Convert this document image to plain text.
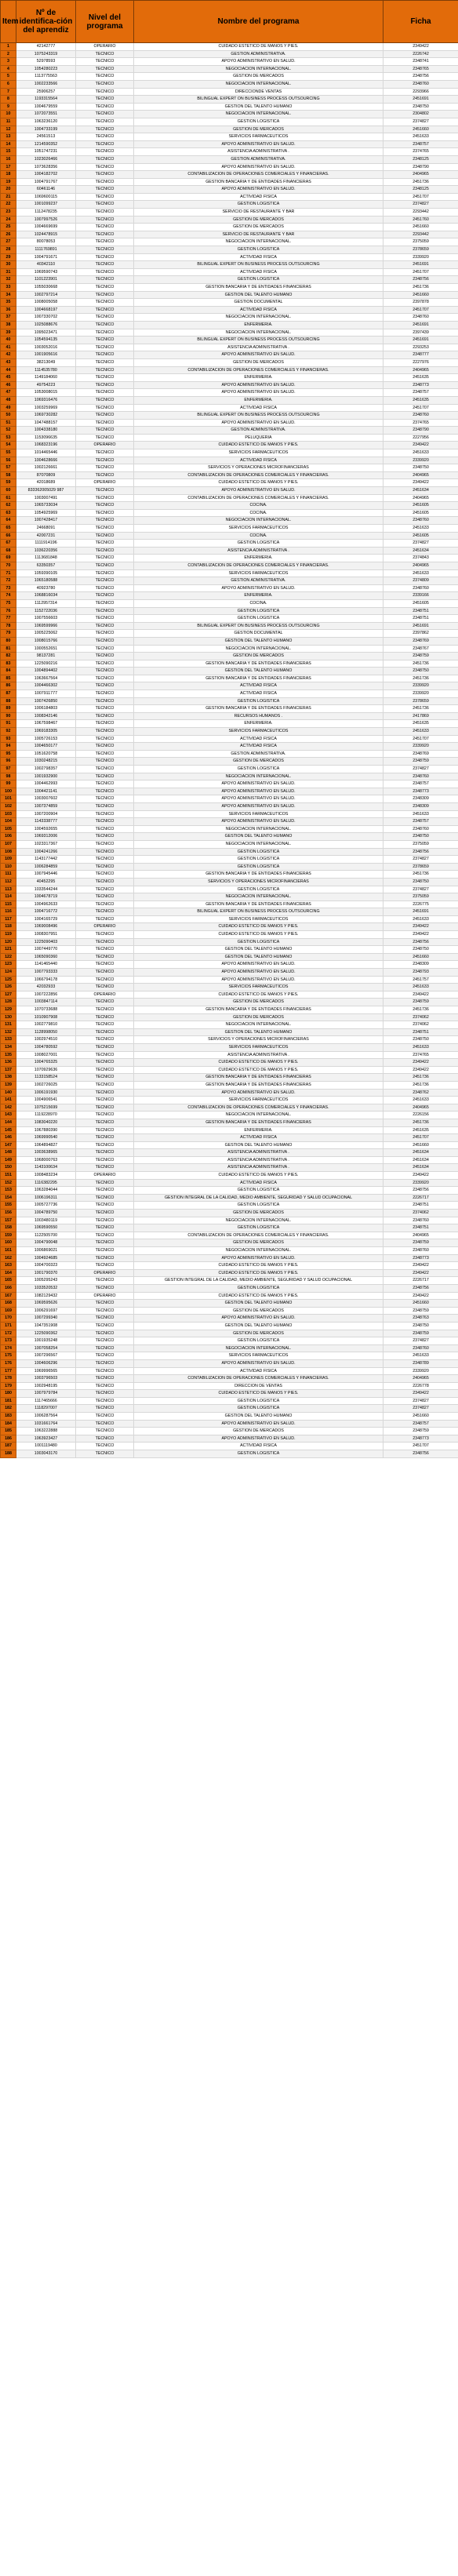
Item	Nº de identifica-ción del aprendiz	Nivel del programa	Nombre del programa	Ficha
1	42142777	OPERARIO	CUIDADO ESTETICO DE MANOS Y PIES.	2349422
2	1075243319	TECNICO	GESTION ADMINISTRATIVA.	2226742
3	52978593	TECNICO	APOYO ADMINISTRATIVO EN SALUD.	2348741
4	1054280223	TECNICO	NEGOCIACION INTERNACIONAL.	2348765
5	1113775563	TECNICO	GESTION DE MERCADOS	2348756
6	1002233566	TECNICO	NEGOCIACION INTERNACIONAL.	2348760
7	25906257	TECNICO	DIRECCIONDE VENTAS	2293966
8	1193315564	TECNICO	BILINGUAL EXPERT ON BUSINESS PROCESS OUTSOURCING	2451691
9	1004679559	TECNICO	GESTION DEL TALENTO HUMANO	2348750
10	1072073551	TECNICO	NEGOCIACION INTERNACIONAL.	2304802
11	1063236120	TECNICO	GESTION LOGISTICA	2374827
12	1004733199	TECNICO	GESTION DE MERCADOS	2451660
13	24561513	TECNICO	SERVICIOS FARMACEUTICOS	2451633
14	1214590352	TECNICO	APOYO ADMINISTRATIVO EN SALUD.	2348757
15	1051747231	TECNICO	ASISTENCIA ADMINISTRATIVA .	2374765
16	1023026466	TECNICO	GESTION ADMINISTRATIVA.	2348125
17	1073628356	TECNICO	APOYO ADMINISTRATIVO EN SALUD.	2348790
18	1004182702	TECNICO	CONTABILIZACION DE OPERACIONES COMERCIALES Y FINANCIERAS.	2404965
19	1004791767	TECNICO	GESTION BANCARIA Y DE ENTIDADES FINANCIERAS	2451736
20	60461146	TECNICO	APOYO ADMINISTRATIVO EN SALUD.	2348125
21	1069600115	TECNICO	ACTIVIDAD FISICA	2451707
22	1001099237	TECNICO	GESTION LOGISTICA	2374827
23	1112478235	TECNICO	SERVICIO DE RESTAURANTE Y BAR	2293442
24	1007997526	TECNICO	GESTION DE MERCADOS	2451760
25	1004669699	TECNICO	GESTION DE MERCADOS	2451660
26	1024478915	TECNICO	SERVICIO DE RESTAURANTE Y BAR	2293442
27	80078053	TECNICO	NEGOCIACION INTERNACIONAL.	2375059
28	1111769891	TECNICO	GESTION LOGISTICA	2378659
29	1004791671	TECNICO	ACTIVIDAD FISICA	2339920
30	40342110	TECNICO	BILINGUAL EXPERT ON BUSINESS PROCESS OUTSOURCING	2451691
31	1069590743	TECNICO	ACTIVIDAD FISICA	2451707
32	1101223901	TECNICO	GESTION LOGISTICA	2348756
33	1055030668	TECNICO	GESTION BANCARIA Y DE ENTIDADES FINANCIERAS	2451736
34	1002797214	TECNICO	GESTION DEL TALENTO HUMANO	2451660
35	1008005058	TECNICO	GESTION DOCUMENTAL	2397878
36	1004668197	TECNICO	ACTIVIDAD FISICA	2451707
37	1007330702	TECNICO	NEGOCIACION INTERNACIONAL.	2348760
38	1025088676	TECNICO	ENFERMERIA.	2451691
39	1095023471	TECNICO	NEGOCIACION INTERNACIONAL.	2397439
40	1054594135	TECNICO	BILINGUAL EXPERT ON BUSINESS PROCESS OUTSOURCING	2451691
41	1003052016	TECNICO	ASISTENCIA ADMINISTRATIVA .	2293253
42	1001905616	TECNICO	APOYO ADMINISTRATIVO EN SALUD.	2348777
43	38213049	TECNICO	GESTION DE MERCADOS	2227976
44	1114535780	TECNICO	CONTABILIZACION DE OPERACIONES COMERCIALES Y FINANCIERAS.	2404965
45	1149184060	TECNICO	ENFERMERIA.	2451635
46	49754223	TECNICO	APOYO ADMINISTRATIVO EN SALUD.	2348773
47	1053008015	TECNICO	APOYO ADMINISTRATIVO EN SALUD.	2348757
48	1069316476	TECNICO	ENFERMERIA.	2451635
49	1003259969	TECNICO	ACTIVIDAD FISICA	2451707
50	1069730282	TECNICO	BILINGUAL EXPERT ON BUSINESS PROCESS OUTSOURCING	2348760
51	1047488157	TECNICO	APOYO ADMINISTRATIVO EN SALUD.	2374765
52	1004338180	TECNICO	GESTION ADMINISTRATIVA.	2348790
53	1153096635	TECNICO	PELUQUERIA	2227956
54	1068323196	OPERARIO	CUIDADO ESTETICO DE MANOS Y PIES.	2349422
55	1014465446	TECNICO	SERVICIOS FARMACEUTICOS	2451633
56	1004628666	TECNICO	ACTIVIDAD FISICA	2339920
57	1002126661	TECNICO	SERVICIOS Y OPERACIONES MICROFINANCIERAS	2348750
58	87070809	TECNICO	CONTABILIZACION DE OPERACIONES COMERCIALES Y FINANCIERAS.	2404965
59	42018689	OPERARIO	CUIDADO ESTETICO DE MANOS Y PIES.	2349422
60	833362005029 987	TECNICO	APOYO ADMINISTRATIVO EN SALUD.	2451634
61	1003007491	TECNICO	CONTABILIZACION DE OPERACIONES COMERCIALES Y FINANCIERAS.	2404965
62	1065733034	TECNICO	COCINA.	2451605
63	1054925969	TECNICO	COCINA.	2451605
64	1007428417	TECNICO	NEGOCIACION INTERNACIONAL.	2348760
65	24668091	TECNICO	SERVICIOS FARMACEUTICOS	2451633
66	42007231	TECNICO	COCINA.	2451605
67	1111914196	TECNICO	GESTION LOGISTICA	2374827
68	1036220356	TECNICO	ASISTENCIA ADMINISTRATIVA .	2451634
69	1113681848	TECNICO	ENFERMERIA.	2374843
70	63350357	TECNICO	CONTABILIZACION DE OPERACIONES COMERCIALES Y FINANCIERAS.	2404965
71	1059390105	TECNICO	SERVICIOS FARMACEUTICOS	2451633
72	1065180588	TECNICO	GESTION ADMINISTRATIVA.	2374809
73	40923780	TECNICO	APOYO ADMINISTRATIVO EN SALUD.	2348760
74	1068816034	TECNICO	ENFERMERIA.	2339166
75	1112957314	TECNICO	COCINA.	2451605
76	1152722036	TECNICO	GESTION LOGISTICA	2348751
77	1007556603	TECNICO	GESTION LOGISTICA	2348751
78	1069599966	TECNICO	BILINGUAL EXPERT ON BUSINESS PROCESS OUTSOURCING	2451691
79	1005225062	TECNICO	GESTION DOCUMENTAL	2397862
80	1008015766	TECNICO	GESTION DEL TALENTO HUMANO	2348769
81	1000552651	TECNICO	NEGOCIACION INTERNACIONAL.	2348767
82	98137281	TECNICO	GESTION DE MERCADOS	2348759
83	1225090216	TECNICO	GESTION BANCARIA Y DE ENTIDADES FINANCIERAS	2451736
84	1004894402	TECNICO	GESTION DEL TALENTO HUMANO	2348750
85	1063667564	TECNICO	GESTION BANCARIA Y DE ENTIDADES FINANCIERAS	2451736
86	1004466302	TECNICO	ACTIVIDAD FISICA	2339920
87	1007911777	TECNICO	ACTIVIDAD FISICA	2339920
88	1007426850	TECNICO	GESTION LOGISTICA	2378659
89	1006184803	TECNICO	GESTION BANCARIA Y DE ENTIDADES FINANCIERAS	2451736
90	1008342146	TECNICO	RECURSOS HUMANOS .	2417869
91	1067598467	TECNICO	ENFERMERIA.	2451635
92	1069183305	TECNICO	SERVICIOS FARMACEUTICOS	2451633
93	1005726153	TECNICO	ACTIVIDAD FISICA	2451707
94	1004650177	TECNICO	ACTIVIDAD FISICA	2339920
95	1051620758	TECNICO	GESTION ADMINISTRATIVA.	2348769
96	1030248215	TECNICO	GESTION DE MERCADOS	2348759
97	1002798357	TECNICO	GESTION LOGISTICA	2374827
98	1001932900	TECNICO	NEGOCIACION INTERNACIONAL.	2348760
99	1004462993	TECNICO	APOYO ADMINISTRATIVO EN SALUD.	2348757
100	1004421141	TECNICO	APOYO ADMINISTRATIVO EN SALUD.	2348773
101	1003007602	TECNICO	APOYO ADMINISTRATIVO EN SALUD.	2348309
102	1007374859	TECNICO	APOYO ADMINISTRATIVO EN SALUD.	2348309
103	1007200904	TECNICO	SERVICIOS FARMACEUTICOS	2451633
104	1143338777	TECNICO	APOYO ADMINISTRATIVO EN SALUD.	2348757
105	1004592655	TECNICO	NEGOCIACION INTERNACIONAL.	2348760
106	1069312006	TECNICO	GESTION DEL TALENTO HUMANO	2348750
107	1023317367	TECNICO	NEGOCIACION INTERNACIONAL.	2375059
108	1004241266	TECNICO	GESTION LOGISTICA	2348756
109	1143177442	TECNICO	GESTION LOGISTICA	2374827
110	1006284859	TECNICO	GESTION LOGISTICA	2378659
111	1007945446	TECNICO	GESTION BANCARIA Y DE ENTIDADES FINANCIERAS	2451736
112	40452295	TECNICO	SERVICIOS Y OPERACIONES MICROFINANCIERAS	2348750
113	1033544244	TECNICO	GESTION LOGISTICA	2374827
114	1004678719	TECNICO	NEGOCIACION INTERNACIONAL.	2375059
115	1004962633	TECNICO	GESTION BANCARIA Y DE ENTIDADES FINANCIERAS	2226775
116	1004716772	TECNICO	BILINGUAL EXPERT ON BUSINESS PROCESS OUTSOURCING	2451691
117	1004165729	TECNICO	SERVICIOS FARMACEUTICOS	2451633
118	1069008496	OPERARIO	CUIDADO ESTETICO DE MANOS Y PIES.	2349422
119	1008307951	TECNICO	CUIDADO ESTETICO DE MANOS Y PIES.	2349422
120	1225090403	TECNICO	GESTION LOGISTICA	2348756
121	1007449770	TECNICO	GESTION DEL TALENTO HUMANO	2348750
122	1065090360	TECNICO	GESTION DEL TALENTO HUMANO	2451660
123	1141465440	TECNICO	APOYO ADMINISTRATIVO EN SALUD.	2348309
124	1007793333	TECNICO	APOYO ADMINISTRATIVO EN SALUD.	2348793
125	1066794178	TECNICO	APOYO ADMINISTRATIVO EN SALUD.	2451757
126	42032933	TECNICO	SERVICIOS FARMACEUTICOS	2451633
127	1007222856	OPERARIO	CUIDADO ESTETICO DE MANOS Y PIES.	2349422
128	1003847114	TECNICO	GESTION DE MERCADOS	2348759
129	1070733688	TECNICO	GESTION BANCARIA Y DE ENTIDADES FINANCIERAS	2451736
130	1010907908	TECNICO	GESTION DE MERCADOS	2374062
131	1002779810	TECNICO	NEGOCIACION INTERNACIONAL.	2374062
132	1128998050	TECNICO	GESTION DEL TALENTO HUMANO	2348751
133	1002974510	TECNICO	SERVICIOS Y OPERACIONES MICROFINANCIERAS	2348750
134	1004780592	TECNICO	SERVICIOS FARMACEUTICOS	2451633
135	1008027001	TECNICO	ASISTENCIA ADMINISTRATIVA .	2374765
136	1004765325	TECNICO	CUIDADO ESTETICO DE MANOS Y PIES.	2349422
137	1070929636	TECNICO	CUIDADO ESTETICO DE MANOS Y PIES.	2349422
138	1133158524	TECNICO	GESTION BANCARIA Y DE ENTIDADES FINANCIERAS	2451736
139	1002726025	TECNICO	GESTION BANCARIA Y DE ENTIDADES FINANCIERAS	2451736
140	1006191930	TECNICO	APOYO ADMINISTRATIVO EN SALUD.	2348762
141	1004906541	TECNICO	SERVICIOS FARMACEUTICOS	2451633
142	1075215699	TECNICO	CONTABILIZACION DE OPERACIONES COMERCIALES Y FINANCIERAS.	2404965
143	1119228970	TECNICO	NEGOCIACION INTERNACIONAL.	2226156
144	1083040220	TECNICO	GESTION BANCARIA Y DE ENTIDADES FINANCIERAS	2451736
145	1067880390	TECNICO	ENFERMERIA.	2451635
146	1069990540	TECNICO	ACTIVIDAD FISICA	2451707
147	1064894827	TECNICO	GESTION DEL TALENTO HUMANO	2451660
148	1003638965	TECNICO	ASISTENCIA ADMINISTRATIVA .	2451634
149	1068000763	TECNICO	ASISTENCIA ADMINISTRATIVA .	2451634
150	1143100634	TECNICO	ASISTENCIA ADMINISTRATIVA .	2451634
151	1008483234	OPERARIO	CUIDADO ESTETICO DE MANOS Y PIES.	2349422
152	1116382295	TECNICO	ACTIVIDAD FISICA	2339920
153	1063284044	TECNICO	GESTION LOGISTICA	2348756
154	1006196311	TECNICO	GESTION INTEGRAL DE LA CALIDAD, MEDIO AMBIENTE, SEGURIDAD Y SALUD OCUPACIONAL	2226717
155	1005727736	TECNICO	GESTION LOGISTICA	2348751
156	1004789750	TECNICO	GESTION DE MERCADOS	2374062
157	1003480119	TECNICO	NEGOCIACION INTERNACIONAL.	2348760
158	1069590550	TECNICO	GESTION LOGISTICA	2348751
159	1122505700	TECNICO	CONTABILIZACION DE OPERACIONES COMERCIALES Y FINANCIERAS.	2404965
160	1004790048	TECNICO	GESTION DE MERCADOS	2348759
161	1006869021	TECNICO	NEGOCIACION INTERNACIONAL.	2348760
162	1004924685	TECNICO	APOYO ADMINISTRATIVO EN SALUD.	2348773
163	1004700323	TECNICO	CUIDADO ESTETICO DE MANOS Y PIES.	2349422
164	1001790370	OPERARIO	CUIDADO ESTETICO DE MANOS Y PIES.	2349422
165	1005295243	TECNICO	GESTION INTEGRAL DE LA CALIDAD, MEDIO AMBIENTE, SEGURIDAD Y SALUD OCUPACIONAL	2226717
166	1033520532	TECNICO	GESTION LOGISTICA	2348756
167	1082129432	OPERARIO	CUIDADO ESTETICO DE MANOS Y PIES.	2349422
168	1069595626	TECNICO	GESTION DEL TALENTO HUMANO	2451660
169	1006291697	TECNICO	GESTION DE MERCADOS	2348759
170	1007299340	TECNICO	APOYO ADMINISTRATIVO EN SALUD.	2348763
171	1047351908	TECNICO	GESTION DEL TALENTO HUMANO	2348750
172	1225090362	TECNICO	GESTION DE MERCADOS	2348759
173	1001935248	TECNICO	GESTION LOGISTICA	2374827
174	1007058254	TECNICO	NEGOCIACION INTERNACIONAL.	2348760
175	1007296567	TECNICO	SERVICIOS FARMACEUTICOS	2451633
176	1004606296	TECNICO	APOYO ADMINISTRATIVO EN SALUD.	2348789
177	1069996565	TECNICO	ACTIVIDAD FISICA	2339920
178	1003796503	TECNICO	CONTABILIZACION DE OPERACIONES COMERCIALES Y FINANCIERAS.	2404965
179	1002948195	TECNICO	DIRECCION DE VENTAS	2226778
180	1007979784	TECNICO	CUIDADO ESTETICO DE MANOS Y PIES.	2349422
181	1117465666	TECNICO	GESTION LOGISTICA	2374827
182	1118297007	TECNICO	GESTION LOGISTICA	2374827
183	1006287564	TECNICO	GESTION DEL TALENTO HUMANO	2451660
184	1031661764	TECNICO	APOYO ADMINISTRATIVO EN SALUD.	2348757
185	1063222888	TECNICO	GESTION DE MERCADOS	2348759
186	1063923427	TECNICO	APOYO ADMINISTRATIVO EN SALUD.	2348773
187	1001119480	TECNICO	ACTIVIDAD FISICA	2451707
188	1003043170	TECNICO	GESTION LOGISTICA	2348756
